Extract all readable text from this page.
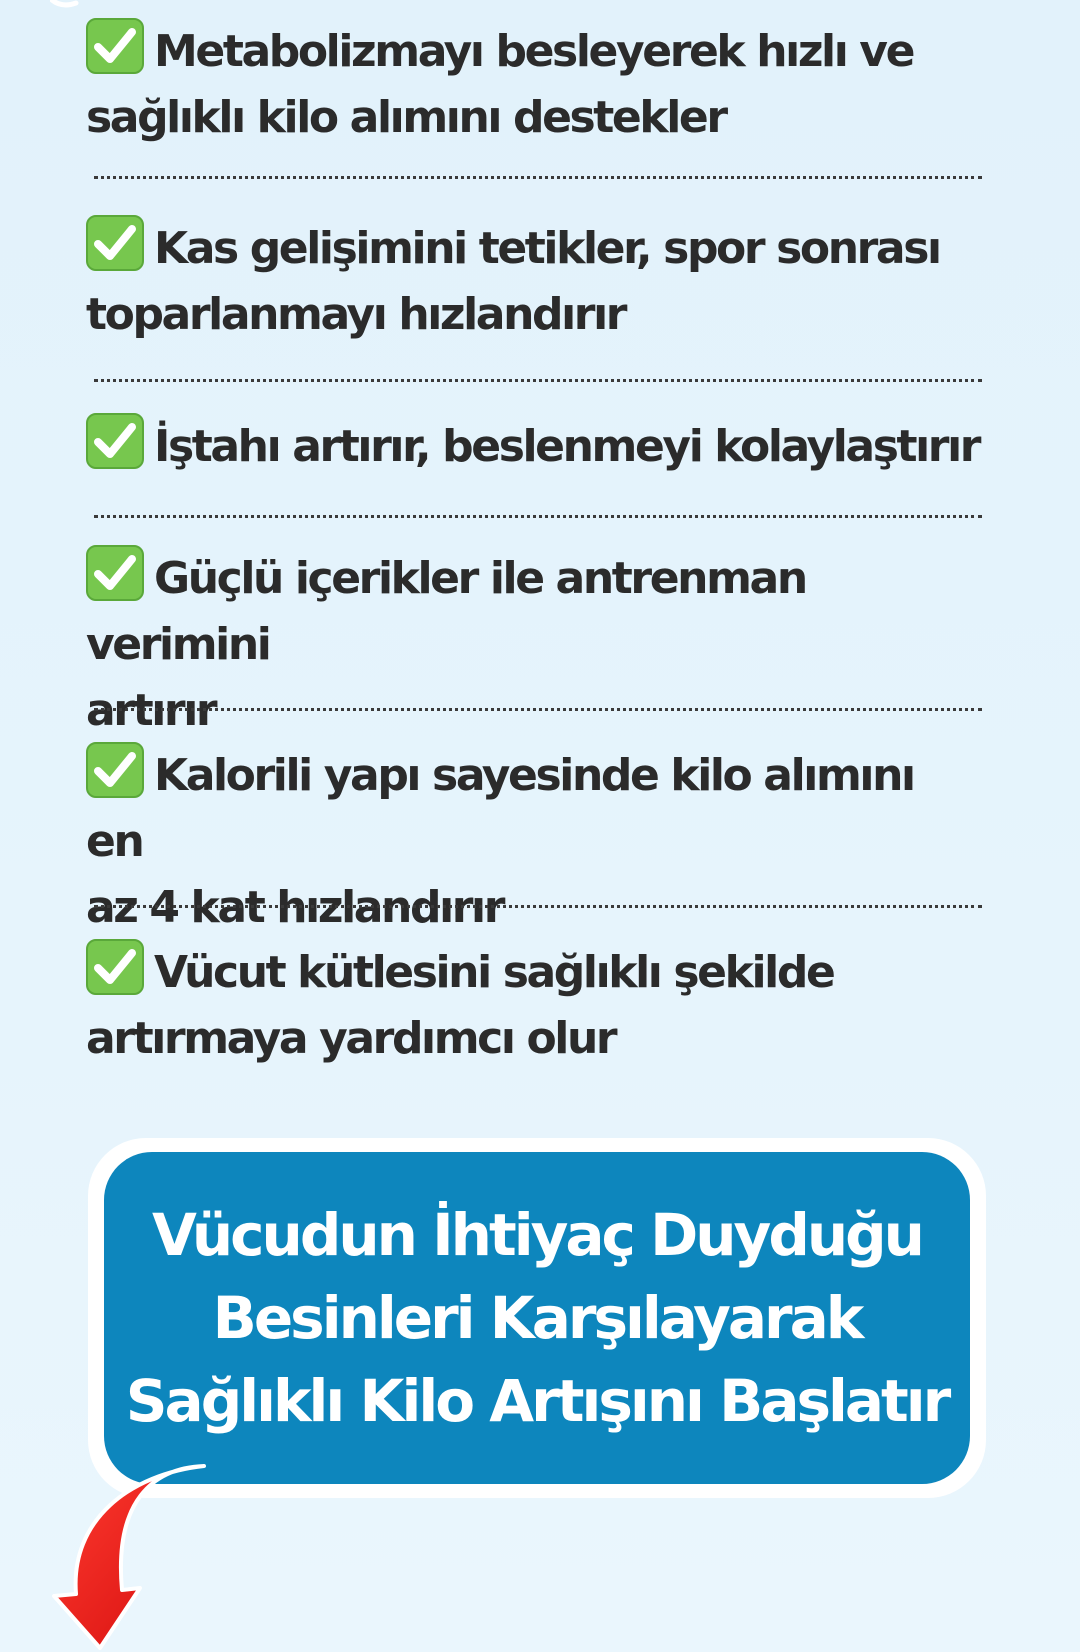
Metabolizmayı besleyerek hızlı ve
sağlıklı kilo alımını destekler
Kas gelişimini tetikler, spor sonrası
toparlanmayı hızlandırır
İştahı artırır, beslenmeyi kolaylaştırır
Güçlü içerikler ile antrenman verimini
artırır
Kalorili yapı sayesinde kilo alımını en
az 4 kat hızlandırır
Vücut kütlesini sağlıklı şekilde
artırmaya yardımcı olur
Vücudun İhtiyaç Duyduğu
Besinleri Karşılayarak
Sağlıklı Kilo Artışını Başlatır
